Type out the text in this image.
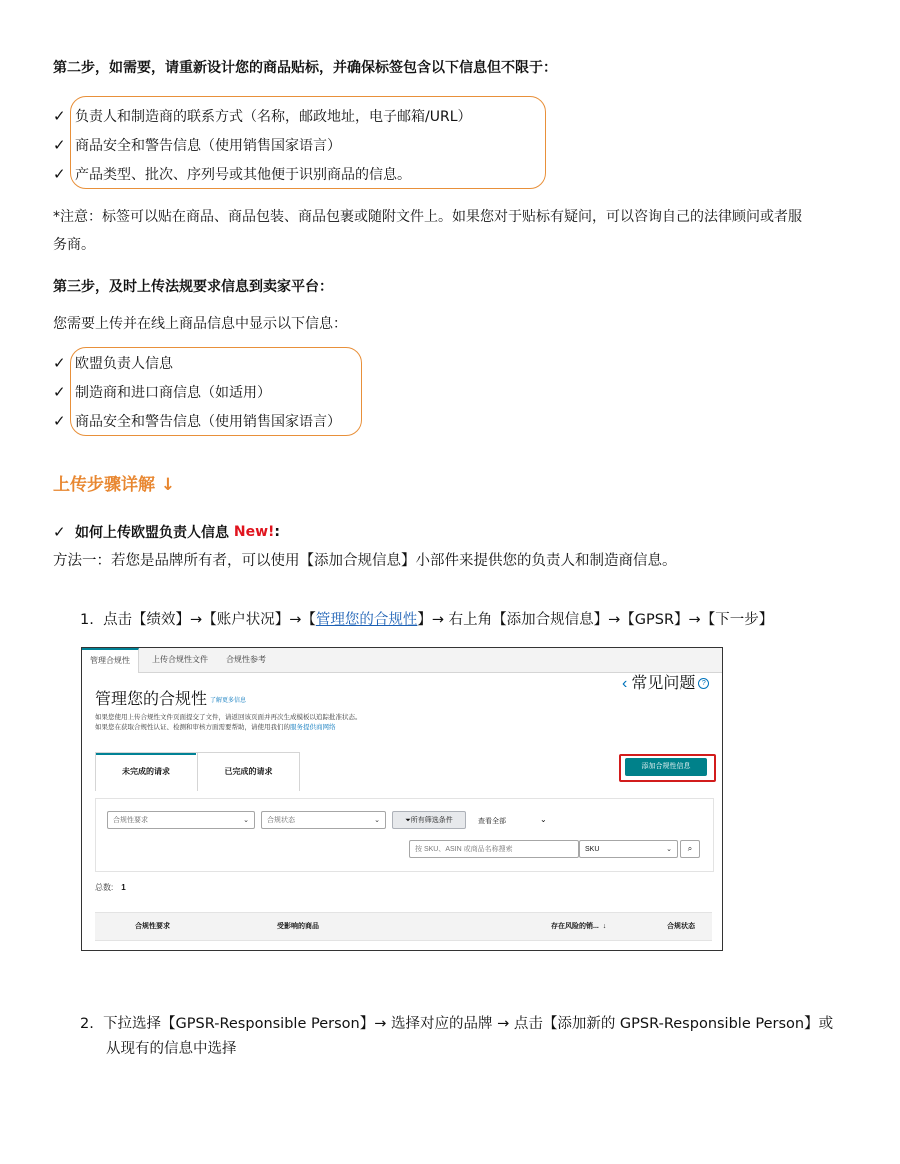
第二步，如需要，请重新设计您的商品贴标，并确保标签包含以下信息但不限于：
✓ 负责人和制造商的联系方式（名称，邮政地址，电子邮箱/URL）
✓ 商品安全和警告信息（使用销售国家语言）
✓ 产品类型、批次、序列号或其他便于识别商品的信息。
*注意：标签可以贴在商品、商品包装、商品包裹或随附文件上。如果您对于贴标有疑问，可以咨询自己的法律顾问或者服
务商。
第三步，及时上传法规要求信息到卖家平台：
您需要上传并在线上商品信息中显示以下信息：
✓ 欧盟负责人信息
✓ 制造商和进口商信息（如适用）
✓ 商品安全和警告信息（使用销售国家语言）
上传步骤详解 ↓
✓ 如何上传欧盟负责人信息
New! :
方法一：若您是品牌所有者，可以使用【添加合规信息】小部件来提供您的负责人和制造商信息。
1. 点击【绩效】→【账户状况】→【管理您的合规性】→ 右上角【添加合规信息】→【GPSR】→【下一步】
管理合规性	上传合规性文件	合规性参考
管理您的合规性 了解更多信息
如果您使用上传合规性文件页面提交了文件，请返回该页面并再次生成模板以追踪批准状态。
如果您在获取合规性认证、检测和审核方面需要帮助，请使用我们的服务提供商网络
‹ 常见问题 ?
未完成的请求	已完成的请求
添加合规性信息
合规性要求	⌄	合规状态	⌄	⏷所有筛选条件	查看全部	⌄
按 SKU、ASIN 或商品名称搜索	SKU	⌄	⌕
总数: 1
合规性要求	受影响的商品	存在风险的销... ↓	合规状态
2. 下拉选择【GPSR-Responsible Person】→ 选择对应的品牌 → 点击【添加新的 GPSR-Responsible Person】或
从现有的信息中选择
